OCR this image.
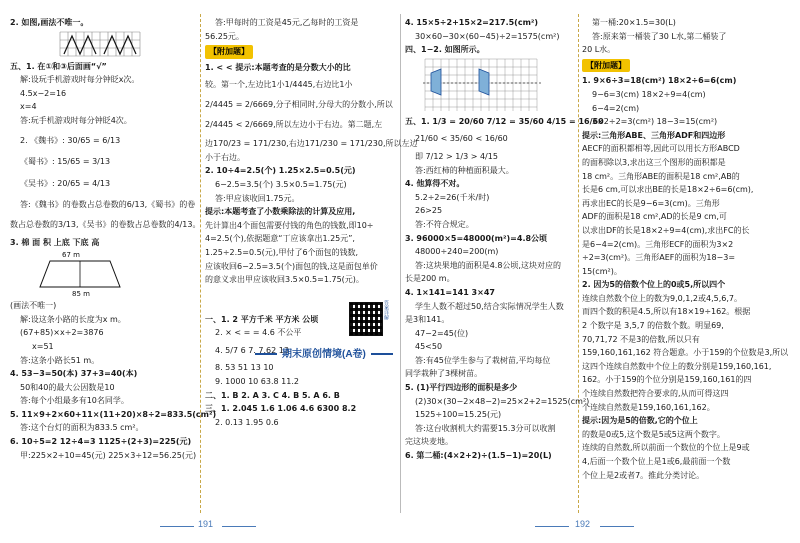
2. 如图,画法不唯一。
五、1. 在①和③后面画“√”
解:设玩手机游戏时每分钟眨x次。
4.5x−2=16
x=4
答:玩手机游戏时每分钟眨4次。
2. 《魏书》: 30/65 = 6/13
《蜀书》: 15/65 = 3/13
《吴书》: 20/65 = 4/13
答:《魏书》的卷数占总卷数的6/13,《蜀书》的卷
数占总卷数的3/13,《吴书》的卷数占总卷数的4/13。
3. 棉 面 积 上底 下底 高
67 m
85 m
(画法不唯一)
解:设这条小路的长度为x m。
(67+85)×x÷2=3876
x=51
答:这条小路长51 m。
4. 53−3=50(本) 37+3=40(本)
50和40的最大公因数是10
答:每个小组最多有10名同学。
5. 11×9+2×60+11×(11+20)×8÷2=833.5(cm²)
答:这个台灯的面积为833.5 cm²。
6. 10÷5=2 12÷4=3 1125÷(2+3)=225(元)
甲:225×2÷10=45(元) 225×3÷12=56.25(元)
答:甲每时的工资是45元,乙每时的工资是
56.25元。
【附加题】
1. < < 提示:本题考查的是分数大小的比
较。第一个,左边比1小1/4445,右边比1小
2/4445 = 2/6669,分子相同时,分母大的分数小,所以
2/4445 < 2/6669,所以左边小于右边。第二题,左
边170/23 = 171/230,右边171/230 = 171/230,所以左边
小于右边。
2. 10÷4=2.5(个) 1.25×2.5=0.5(元)
6−2.5=3.5(个) 3.5×0.5=1.75(元)
答:甲应该收回1.75元。
提示:本题考查了小数乘除法的计算及应用,
先计算出4个面包需要付钱的角色的钱数,即10÷
4=2.5(个),依据题意“丁应该拿出1.25元”,
1.25÷2.5=0.5(元),甲付了6个面包的钱数,
应该收回6−2.5=3.5(个)面包的钱,这是面包单价
的意义求出甲应该收回3.5×0.5=1.75(元)。
一、1. 2 平方千米 平方米 公顷
2. × < = = 4.6 不公平
4. 5/7 6 7. 7.62 13
8. 53 51 13 10
9. 1000 10 63.8 11.2
二、1. B 2. A 3. C 4. B 5. A 6. B
三、1. 2.045 1.6 1.06 4.6 6300 8.2
2. 0.13 1.95 0.6
期末原创情境(A卷)
答案详解
4. 15×5÷2+15×2=217.5(cm²)
30×60−30×(60−45)÷2=1575(cm²)
四、1−2. 如图所示。
五、1. 1/3 = 20/60 7/12 = 35/60 4/15 = 16/60
21/60 < 35/60 < 16/60
即 7/12 > 1/3 > 4/15
答:西红柿的种植面积最大。
4. 他算得不对。
5.2÷2=26(千米/时)
26>25
答:不符合规定。
3. 96000×5=48000(m²)=4.8公顷
48000÷240=200(m)
答:这块果地的面积是4.8公顷,这块对应的
长是200 m。
4. 1×141=141 3×47
学生人数不超过50,结合实际情况学生人数
是3和141。
47−2=45(位)
45<50
答:有45位学生参与了栽树苗,平均每位
同学栽种了3棵树苗。
5. (1)平行四边形的面积是多少
(2)30×(30−2×48−2)=25×2+2=1525(cm²)
1525÷100=15.25(元)
答:这台收割机大约需要15.3分可以收割
完这块麦地。
6. 第二桶:(4×2+2)÷(1.5−1)=20(L)
第一桶:20×1.5=30(L)
答:原来第一桶装了30 L水,第二桶装了
20 L水。
【附加题】
1. 9×6÷3=18(cm²) 18×2÷6=6(cm)
9−6=3(cm) 18×2÷9=4(cm)
6−4=2(cm)
3×2÷2=3(cm²) 18−3=15(cm²)
提示:三角形ABE、三角形ADF和四边形
AECF的面积都相等,因此可以用长方形ABCD
的面积除以3,求出这三个图形的面积都是
18 cm²。三角形ABE的面积是18 cm²,AB的
长是6 cm,可以求出BE的长是18×2÷6=6(cm),
再求出EC的长是9−6=3(cm)。三角形
ADF的面积是18 cm²,AD的长是9 cm,可
以求出DF的长是18×2÷9=4(cm),求出FC的长
是6−4=2(cm)。三角形ECF的面积为3×2
÷2=3(cm²)。三角形AEF的面积为18−3=
15(cm²)。
2. 因为5的倍数个位上的0或5,所以四个
连续自然数个位上的数为9,0,1,2或4,5,6,7。
而四个数的积是4.5,所以有18×19÷162。根据
2 个数字是 3,5,7 的倍数个数。明显69,
70,71,72 不是3的倍数,所以只有
159,160,161,162 符合题意。小于159的个位数是3,所以
这四个连续自然数中个位上的数分别是159,160,161,
162。小于159的个位分别是159,160,161的四
个连续自然数把符合要求的,从而可得这四
个连续自然数是159,160,161,162。
提示:因为是5的倍数,它的个位上
的数是0或5,这个数是5或5这两个数字。
连续的自然数,所以前面一个数位的个位上是9或
4,后面一个数个位上是1或6,最前面一个数
个位上是2或者7。推此分类讨论。
191	192
